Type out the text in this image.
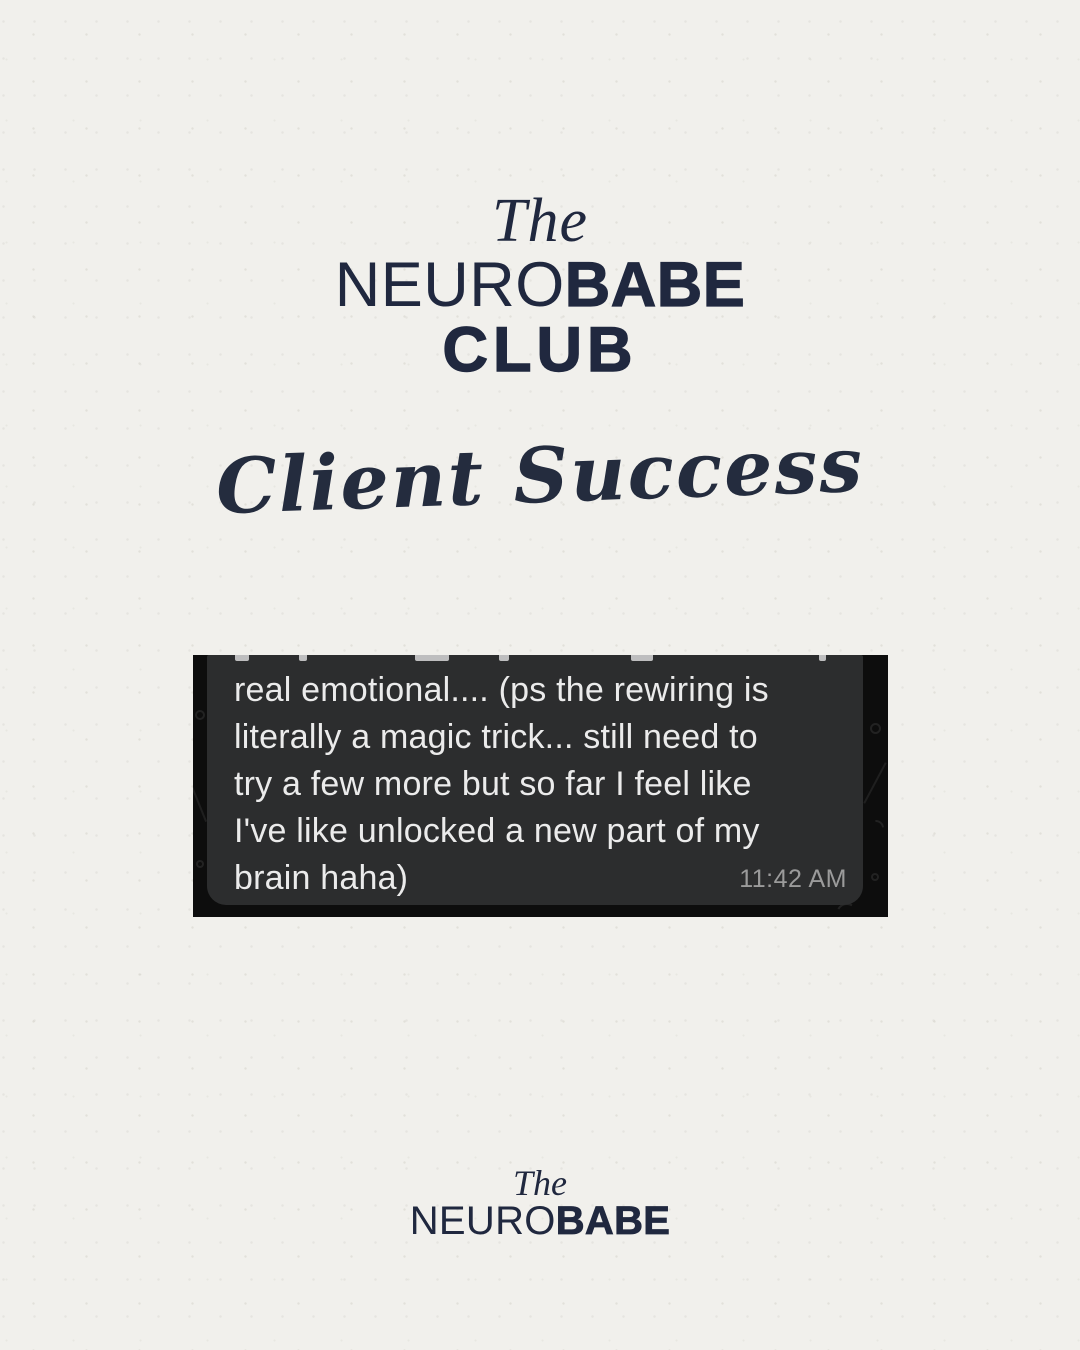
The
NEUROBABE
CLUB
Client Success
real emotional.... (ps the rewiring is
literally a magic trick... still need to
try a few more but so far I feel like
I've like unlocked a new part of my
brain haha)	11:42 AM
The
NEUROBABE
